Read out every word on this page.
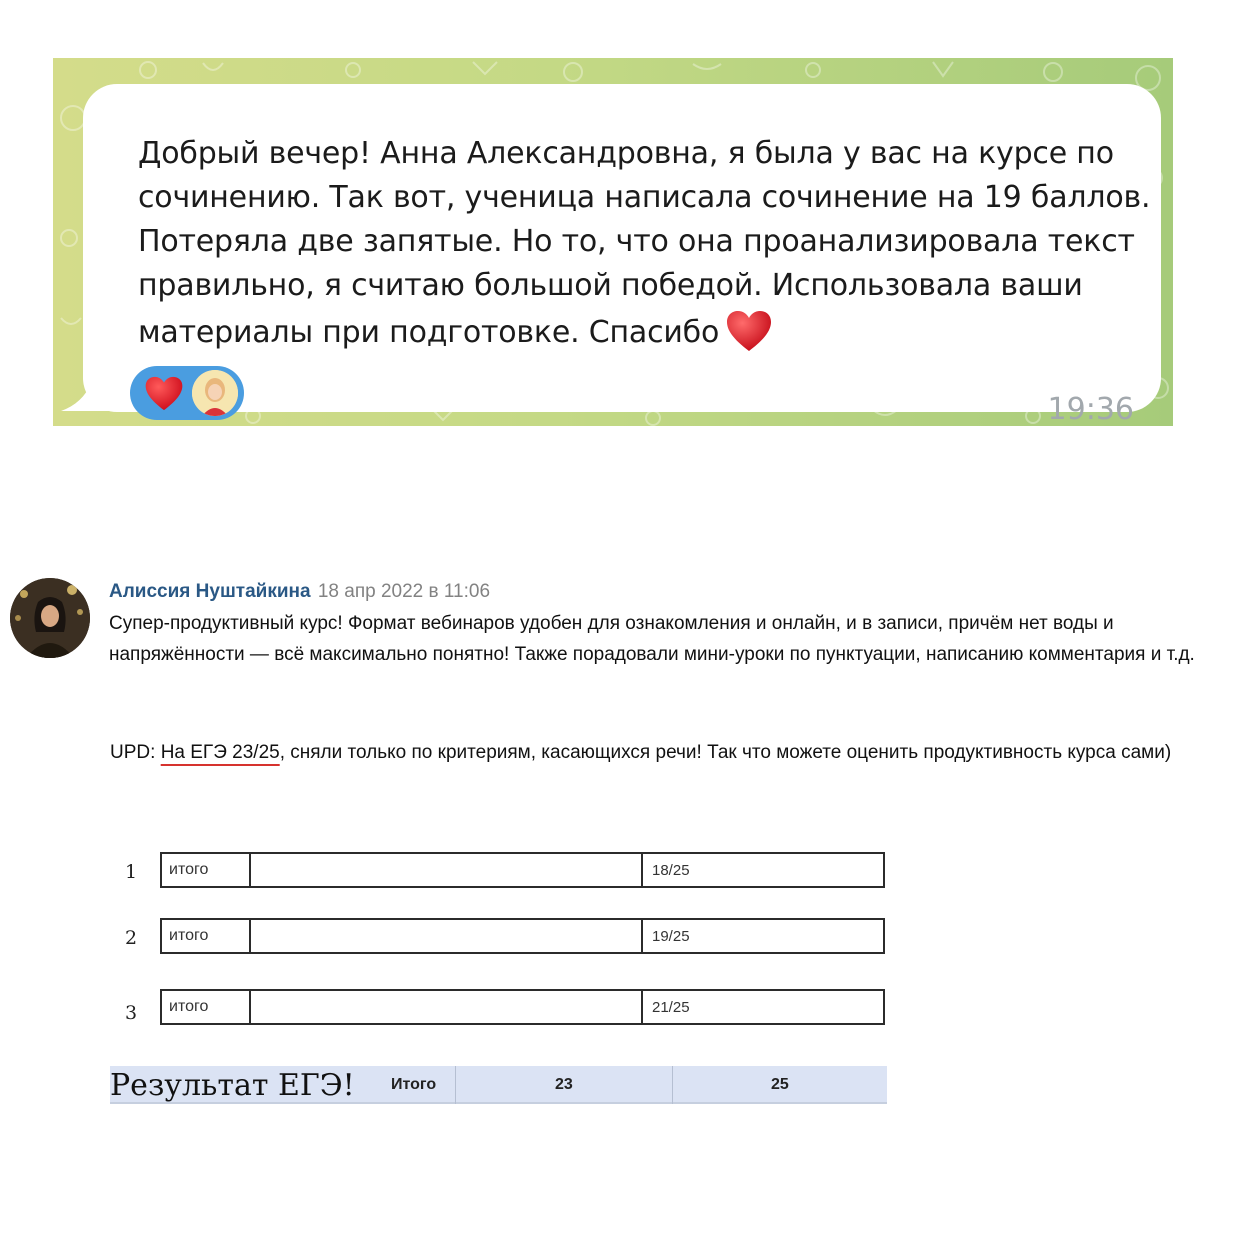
Добрый вечер! Анна Александровна, я была у вас на курсе по
сочинению. Так вот, ученица написала сочинение на 19 баллов.
Потеряла две запятые. Но то, что она проанализировала текст
правильно, я считаю большой победой. Использовала ваши
материалы при подготовке. Спасибо
19:36
Алиссия Нуштайкина 18 апр 2022 в 11:06
Супер-продуктивный курс! Формат вебинаров удобен для ознакомления и онлайн, и в записи, причём нет воды и напряжённости — всё максимально понятно! Также порадовали мини-уроки по пунктуации, написанию комментария и т.д.
UPD: На ЕГЭ 23/25, сняли только по критериям, касающихся речи! Так что можете оценить продуктивность курса сами)
1	итого	18/25
2	итого	19/25
3	итого	21/25
Результат ЕГЭ! Итого	23	25
